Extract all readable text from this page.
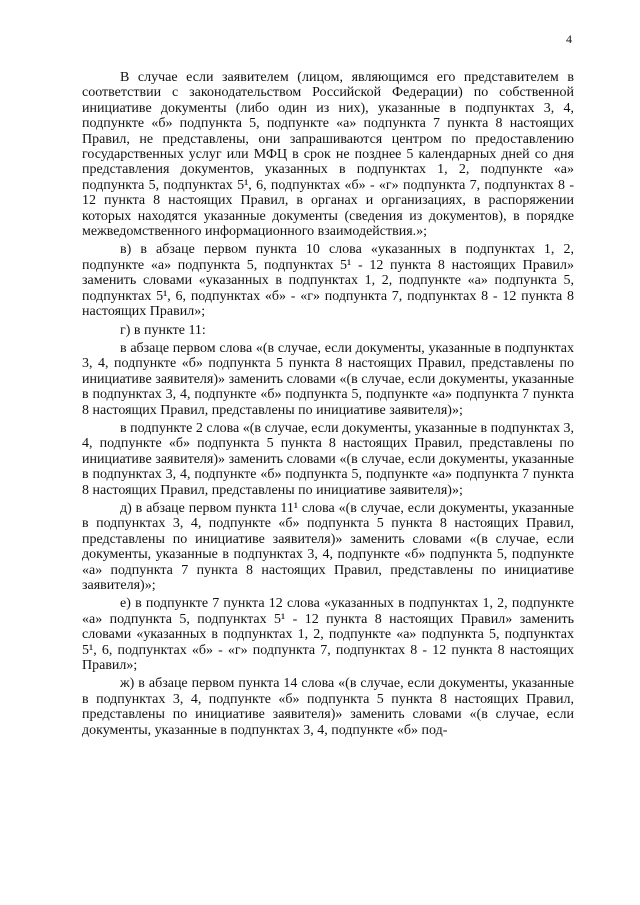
4

В случае если заявителем (лицом, являющимся его представителем в соответствии с законодательством Российской Федерации) по собственной инициативе документы (либо один из них), указанные в подпунктах 3, 4, подпункте «б» подпункта 5, подпункте «а» подпункта 7 пункта 8 настоящих Правил, не представлены, они запрашиваются центром по предоставлению государственных услуг или МФЦ в срок не позднее 5 календарных дней со дня представления документов, указанных в подпунктах 1, 2, подпункте «а» подпункта 5, подпунктах 5¹, 6, подпунктах «б» - «г» подпункта 7, подпунктах 8 - 12 пункта 8 настоящих Правил, в органах и организациях, в распоряжении которых находятся указанные документы (сведения из документов), в порядке межведомственного информационного взаимодействия.»;

в) в абзаце первом пункта 10 слова «указанных в подпунктах 1, 2, подпункте «а» подпункта 5, подпунктах 5¹ - 12 пункта 8 настоящих Правил» заменить словами «указанных в подпунктах 1, 2, подпункте «а» подпункта 5, подпунктах 5¹, 6, подпунктах «б» - «г» подпункта 7, подпунктах 8 - 12 пункта 8 настоящих Правил»;

г) в пункте 11:

в абзаце первом слова «(в случае, если документы, указанные в подпунктах 3, 4, подпункте «б» подпункта 5 пункта 8 настоящих Правил, представлены по инициативе заявителя)» заменить словами «(в случае, если документы, указанные в подпунктах 3, 4, подпункте «б» подпункта 5, подпункте «а» подпункта 7 пункта 8 настоящих Правил, представлены по инициативе заявителя)»;

в подпункте 2 слова «(в случае, если документы, указанные в подпунктах 3, 4, подпункте «б» подпункта 5 пункта 8 настоящих Правил, представлены по инициативе заявителя)» заменить словами «(в случае, если документы, указанные в подпунктах 3, 4, подпункте «б» подпункта 5, подпункте «а» подпункта 7 пункта 8 настоящих Правил, представлены по инициативе заявителя)»;

д) в абзаце первом пункта 11¹ слова «(в случае, если документы, указанные в подпунктах 3, 4, подпункте «б» подпункта 5 пункта 8 настоящих Правил, представлены по инициативе заявителя)» заменить словами «(в случае, если документы, указанные в подпунктах 3, 4, подпункте «б» подпункта 5, подпункте «а» подпункта 7 пункта 8 настоящих Правил, представлены по инициативе заявителя)»;

е) в подпункте 7 пункта 12 слова «указанных в подпунктах 1, 2, подпункте «а» подпункта 5, подпунктах 5¹ - 12 пункта 8 настоящих Правил» заменить словами «указанных в подпунктах 1, 2, подпункте «а» подпункта 5, подпунктах 5¹, 6, подпунктах «б» - «г» подпункта 7, подпунктах 8 - 12 пункта 8 настоящих Правил»;

ж) в абзаце первом пункта 14 слова «(в случае, если документы, указанные в подпунктах 3, 4, подпункте «б» подпункта 5 пункта 8 настоящих Правил, представлены по инициативе заявителя)» заменить словами «(в случае, если документы, указанные в подпунктах 3, 4, подпункте «б» под-
